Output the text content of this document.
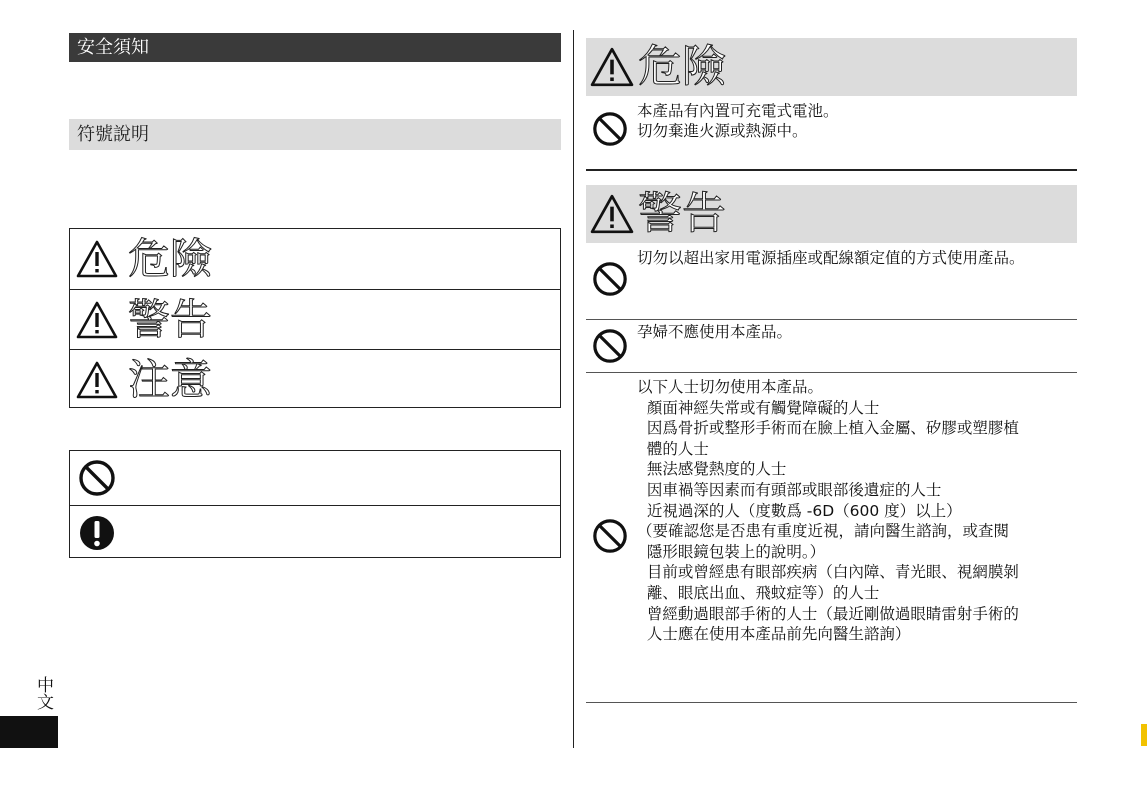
安全須知
符號說明
危險
警告
注意
中文
危險
本產品有內置可充電式電池。
切勿棄進火源或熱源中。
警告
切勿以超出家用電源插座或配線額定值的方式使用產品。
孕婦不應使用本產品。
以下人士切勿使用本產品。
顏面神經失常或有觸覺障礙的人士
因爲骨折或整形手術而在臉上植入金屬、矽膠或塑膠植
體的人士
無法感覺熱度的人士
因車禍等因素而有頭部或眼部後遺症的人士
近視過深的人（度數爲 -6D（600 度）以上）
（要確認您是否患有重度近視，請向醫生諮詢，或查閱
隱形眼鏡包裝上的說明。）
目前或曾經患有眼部疾病（白內障、青光眼、視網膜剝
離、眼底出血、飛蚊症等）的人士
曾經動過眼部手術的人士（最近剛做過眼睛雷射手術的
人士應在使用本產品前先向醫生諮詢）
